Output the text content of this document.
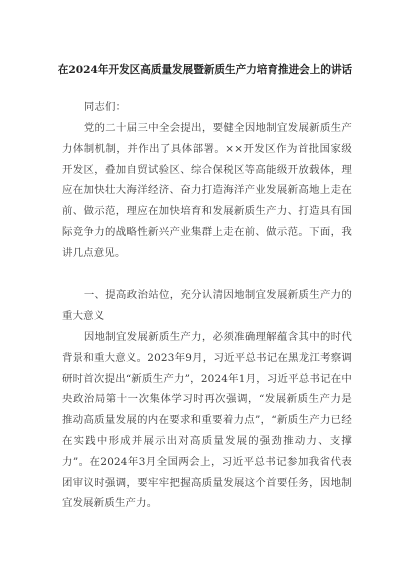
在2024年开发区高质量发展暨新质生产力培育推进会上的讲话

同志们：

党的二十届三中全会提出，要健全因地制宜发展新质生产力体制机制，并作出了具体部署。××开发区作为首批国家级开发区，叠加自贸试验区、综合保税区等高能级开放载体，理应在加快壮大海洋经济、奋力打造海洋产业发展新高地上走在前、做示范，理应在加快培育和发展新质生产力、打造具有国际竞争力的战略性新兴产业集群上走在前、做示范。下面，我讲几点意见。

一、提高政治站位，充分认清因地制宜发展新质生产力的重大意义

因地制宜发展新质生产力，必须准确理解蕴含其中的时代背景和重大意义。2023年9月，习近平总书记在黑龙江考察调研时首次提出“新质生产力”，2024年1月，习近平总书记在中央政治局第十一次集体学习时再次强调，“发展新质生产力是推动高质量发展的内在要求和重要着力点”，“新质生产力已经在实践中形成并展示出对高质量发展的强劲推动力、支撑力”。在2024年3月全国两会上，习近平总书记参加我省代表团审议时强调，要牢牢把握高质量发展这个首要任务，因地制宜发展新质生产力。
